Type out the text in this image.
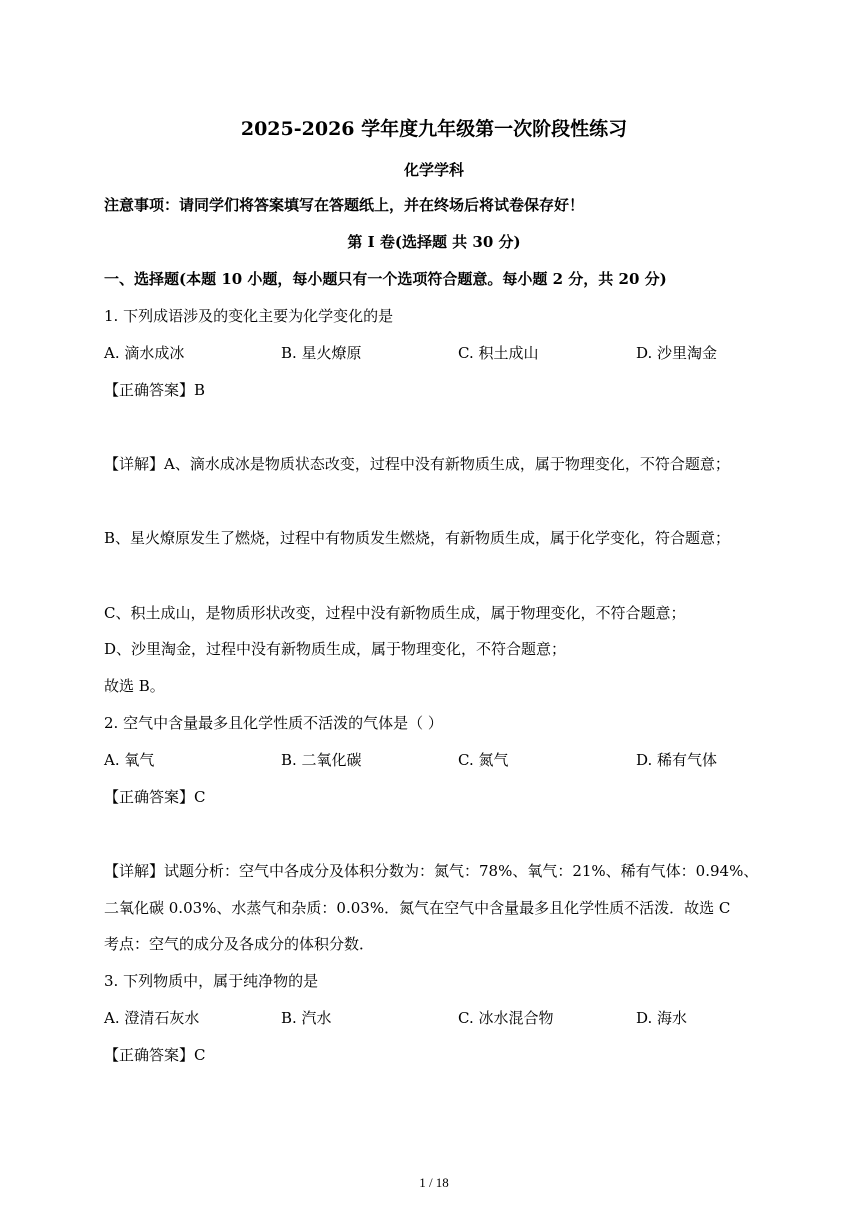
2025-2026 学年度九年级第一次阶段性练习
化学学科
注意事项：请同学们将答案填写在答题纸上，并在终场后将试卷保存好！
第 I 卷(选择题 共 30 分)
一、选择题(本题 10 小题，每小题只有一个选项符合题意。每小题 2 分，共 20 分)
1. 下列成语涉及的变化主要为化学变化的是
A. 滴水成冰	B. 星火燎原	C. 积土成山	D. 沙里淘金
【正确答案】B
【详解】A、滴水成冰是物质状态改变，过程中没有新物质生成，属于物理变化，不符合题意；
B、星火燎原发生了燃烧，过程中有物质发生燃烧，有新物质生成，属于化学变化，符合题意；
C、积土成山，是物质形状改变，过程中没有新物质生成，属于物理变化，不符合题意；
D、沙里淘金，过程中没有新物质生成，属于物理变化，不符合题意；
故选 B。
2. 空气中含量最多且化学性质不活泼的气体是（ ）
A. 氧气	B. 二氧化碳	C. 氮气	D. 稀有气体
【正确答案】C
【详解】试题分析：空气中各成分及体积分数为：氮气：78%、氧气：21%、稀有气体：0.94%、
二氧化碳 0.03%、水蒸气和杂质：0.03%．氮气在空气中含量最多且化学性质不活泼．故选 C
考点：空气的成分及各成分的体积分数．
3. 下列物质中，属于纯净物的是
A. 澄清石灰水	B. 汽水	C. 冰水混合物	D. 海水
【正确答案】C
1 / 18
